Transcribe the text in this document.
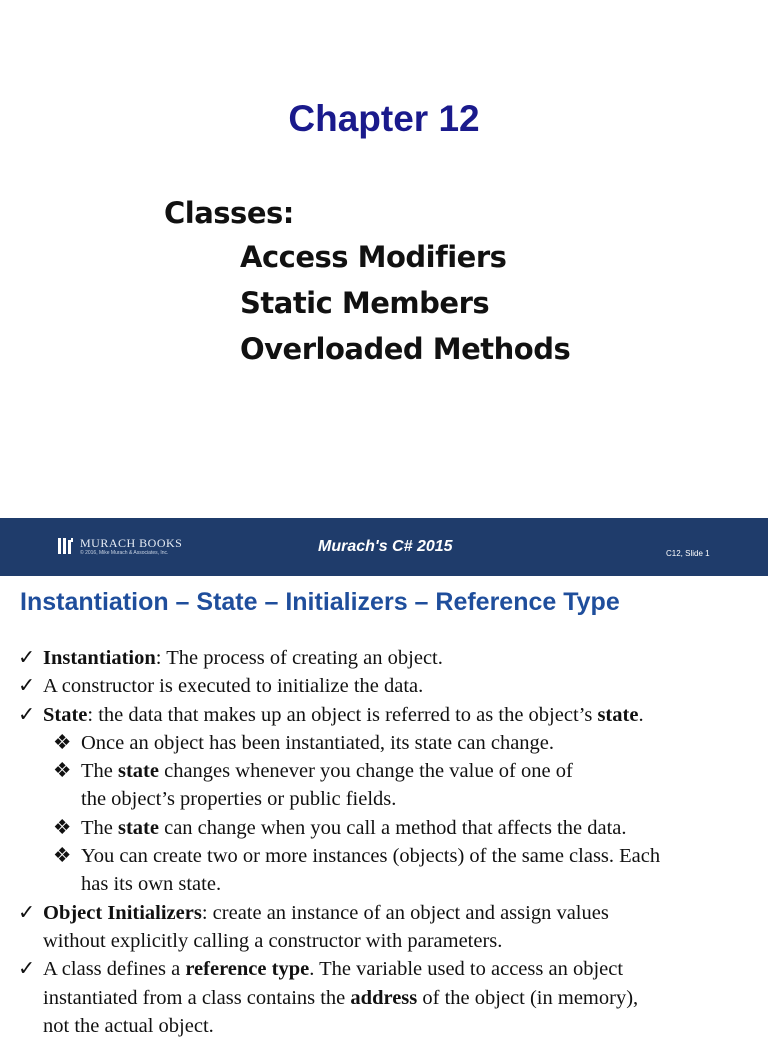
Chapter 12
Classes:
Access Modifiers
Static Members
Overloaded Methods
MURACH BOOKS
© 2016, Mike Murach & Associates, Inc.	Murach's C# 2015	C12, Slide 1
Instantiation – State – Initializers – Reference Type
✓ Instantiation: The process of creating an object.
✓ A constructor is executed to initialize the data.
✓ State: the data that makes up an object is referred to as the object’s state.
❖ Once an object has been instantiated, its state can change.
❖ The state changes whenever you change the value of one of
the object’s properties or public fields.
❖ The state can change when you call a method that affects the data.
❖ You can create two or more instances (objects) of the same class. Each
has its own state.
✓ Object Initializers: create an instance of an object and assign values
without explicitly calling a constructor with parameters.
✓ A class defines a reference type. The variable used to access an object
instantiated from a class contains the address of the object (in memory),
not the actual object.
